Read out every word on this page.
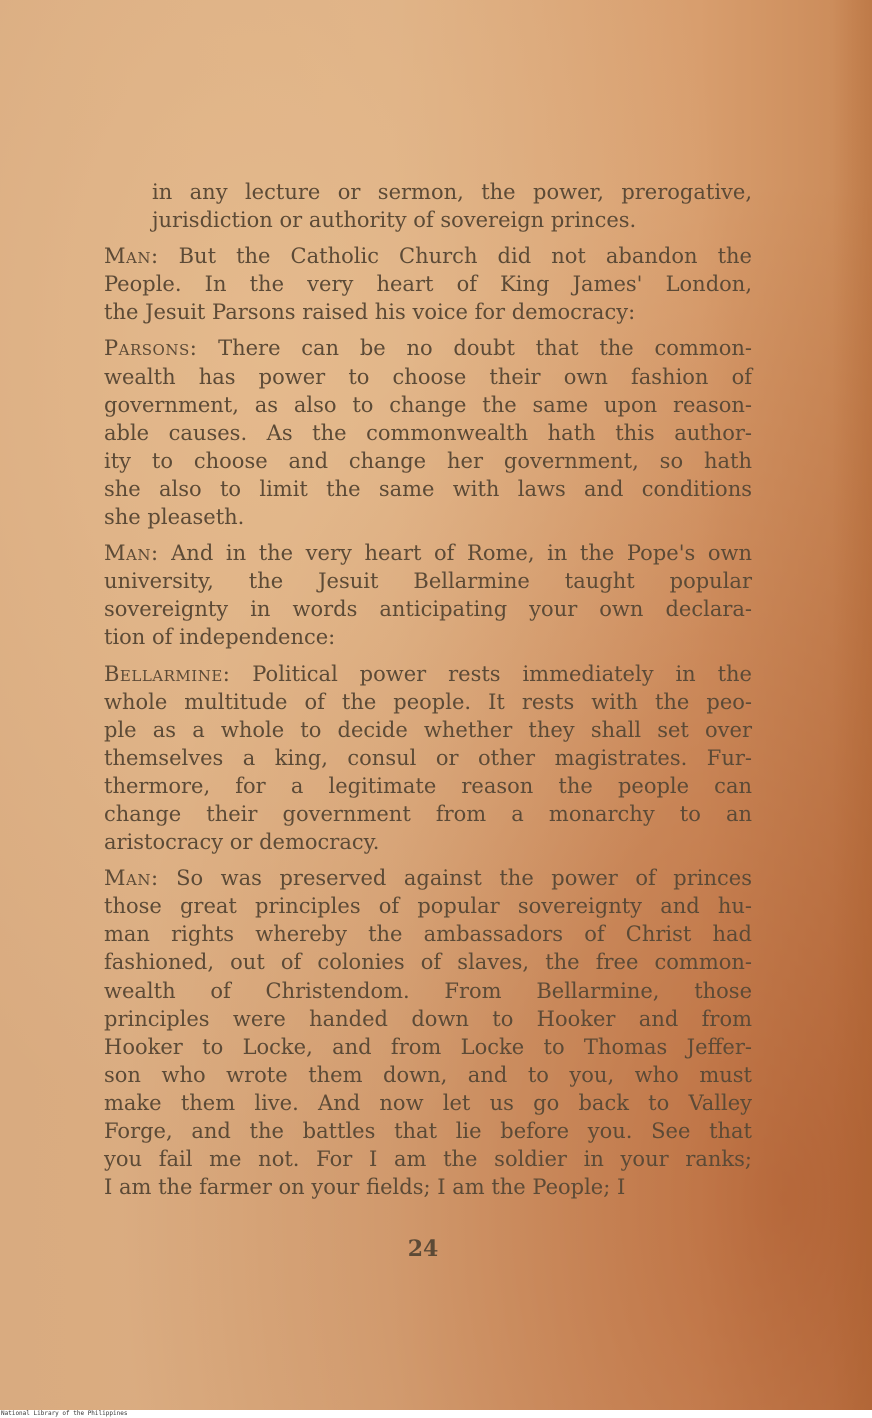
in any lecture or sermon, the power, prerogative,
jurisdiction or authority of sovereign princes.
Man: But the Catholic Church did not abandon the
People. In the very heart of King James' London,
the Jesuit Parsons raised his voice for democracy:
Parsons: There can be no doubt that the common-
wealth has power to choose their own fashion of
government, as also to change the same upon reason-
able causes. As the commonwealth hath this author-
ity to choose and change her government, so hath
she also to limit the same with laws and conditions
she pleaseth.
Man: And in the very heart of Rome, in the Pope's own
university, the Jesuit Bellarmine taught popular
sovereignty in words anticipating your own declara-
tion of independence:
Bellarmine: Political power rests immediately in the
whole multitude of the people. It rests with the peo-
ple as a whole to decide whether they shall set over
themselves a king, consul or other magistrates. Fur-
thermore, for a legitimate reason the people can
change their government from a monarchy to an
aristocracy or democracy.
Man: So was preserved against the power of princes
those great principles of popular sovereignty and hu-
man rights whereby the ambassadors of Christ had
fashioned, out of colonies of slaves, the free common-
wealth of Christendom. From Bellarmine, those
principles were handed down to Hooker and from
Hooker to Locke, and from Locke to Thomas Jeffer-
son who wrote them down, and to you, who must
make them live. And now let us go back to Valley
Forge, and the battles that lie before you. See that
you fail me not. For I am the soldier in your ranks;
I am the farmer on your fields; I am the People; I
24
National Library of the Philippines
